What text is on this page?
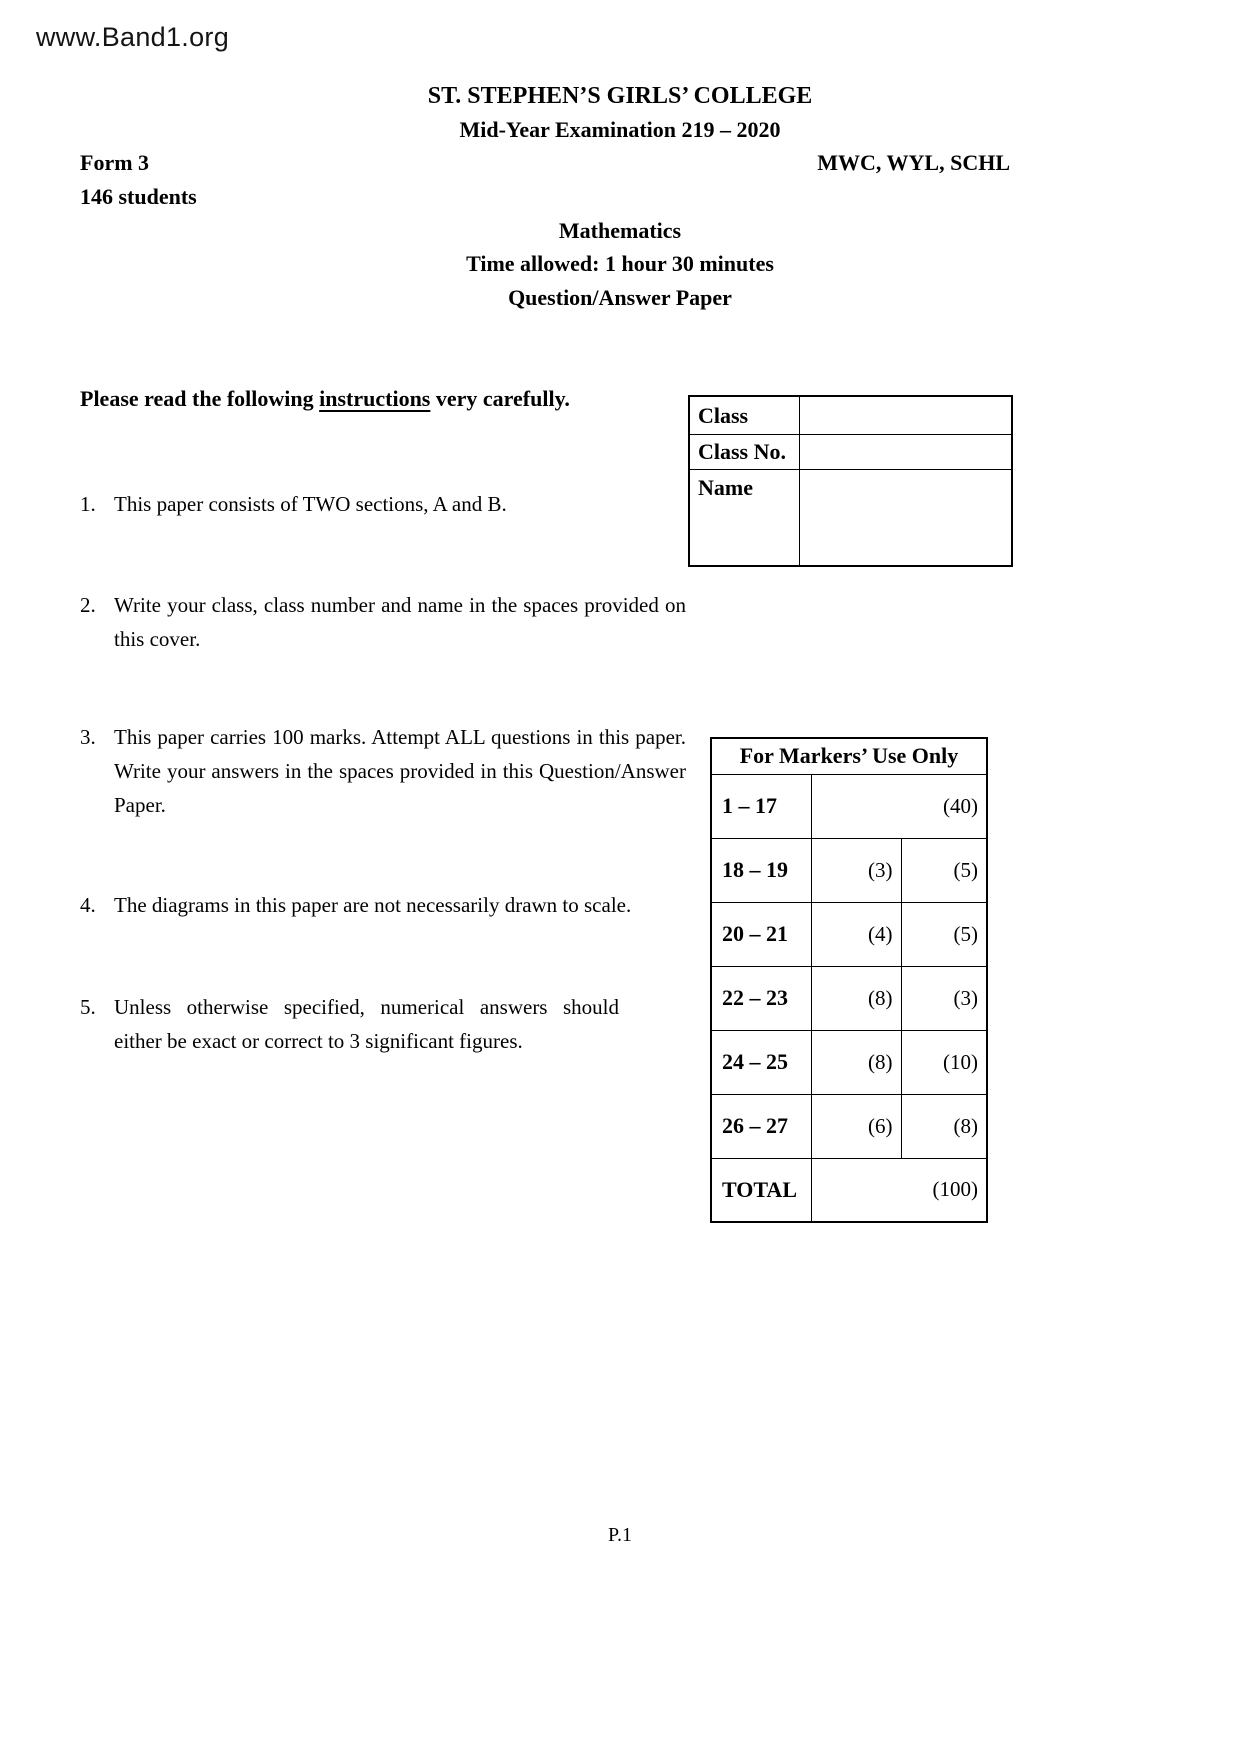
www.Band1.org
ST. STEPHEN’S GIRLS’ COLLEGE
Mid-Year Examination 219 – 2020
Form 3	MWC, WYL, SCHL
146 students
Mathematics
Time allowed: 1 hour 30 minutes
Question/Answer Paper
Please read the following instructions very carefully.
Class
Class No.
Name
1. This paper consists of TWO sections, A and B.
2. Write your class, class number and name in the spaces provided on this cover.
3. This paper carries 100 marks. Attempt ALL questions in this paper. Write your answers in the spaces provided in this Question/Answer Paper.
4. The diagrams in this paper are not necessarily drawn to scale.
5. Unless otherwise specified, numerical answers should either be exact or correct to 3 significant figures.
For Markers’ Use Only		
1 – 17	(40)	
18 – 19	(3)	(5)
20 – 21	(4)	(5)
22 – 23	(8)	(3)
24 – 25	(8)	(10)
26 – 27	(6)	(8)
TOTAL	(100)	
P.1
